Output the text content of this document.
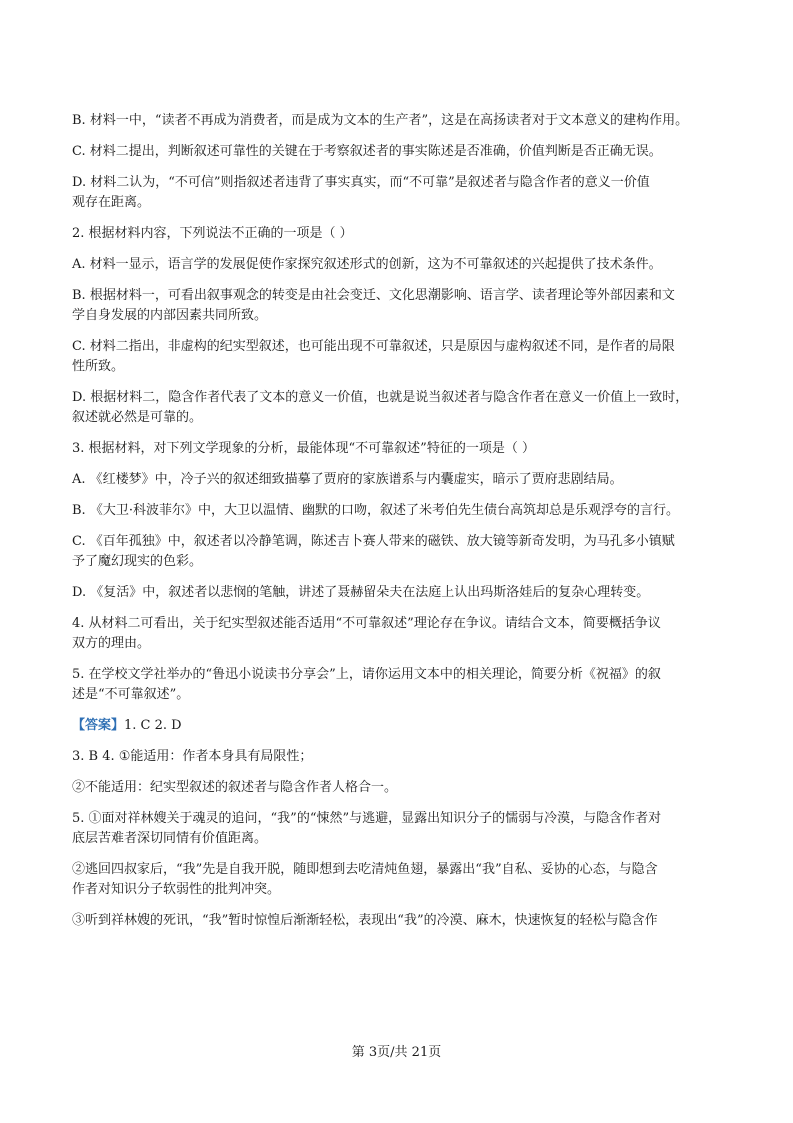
B. 材料一中，“读者不再成为消费者，而是成为文本的生产者”，这是在高扬读者对于文本意义的建构作用。
C. 材料二提出，判断叙述可靠性的关键在于考察叙述者的事实陈述是否准确，价值判断是否正确无误。
D. 材料二认为，“不可信”则指叙述者违背了事实真实，而“不可靠”是叙述者与隐含作者的意义一价值
观存在距离。
2. 根据材料内容，下列说法不正确的一项是（ ）
A. 材料一显示，语言学的发展促使作家探究叙述形式的创新，这为不可靠叙述的兴起提供了技术条件。
B. 根据材料一，可看出叙事观念的转变是由社会变迁、文化思潮影响、语言学、读者理论等外部因素和文
学自身发展的内部因素共同所致。
C. 材料二指出，非虚构的纪实型叙述，也可能出现不可靠叙述，只是原因与虚构叙述不同，是作者的局限
性所致。
D. 根据材料二，隐含作者代表了文本的意义一价值，也就是说当叙述者与隐含作者在意义一价值上一致时，
叙述就必然是可靠的。
3. 根据材料，对下列文学现象的分析，最能体现“不可靠叙述”特征的一项是（ ）
A. 《红楼梦》中，冷子兴的叙述细致描摹了贾府的家族谱系与内囊虚实，暗示了贾府悲剧结局。
B. 《大卫·科波菲尔》中，大卫以温情、幽默的口吻，叙述了米考伯先生债台高筑却总是乐观浮夸的言行。
C. 《百年孤独》中，叙述者以冷静笔调，陈述吉卜赛人带来的磁铁、放大镜等新奇发明，为马孔多小镇赋
予了魔幻现实的色彩。
D. 《复活》中，叙述者以悲悯的笔触，讲述了聂赫留朵夫在法庭上认出玛斯洛娃后的复杂心理转变。
4. 从材料二可看出，关于纪实型叙述能否适用“不可靠叙述”理论存在争议。请结合文本，简要概括争议
双方的理由。
5. 在学校文学社举办的“鲁迅小说读书分享会”上，请你运用文本中的相关理论，简要分析《祝福》的叙
述是“不可靠叙述”。
【答案】1. C 2. D
3. B 4. ①能适用：作者本身具有局限性；
②不能适用：纪实型叙述的叙述者与隐含作者人格合一。
5. ①面对祥林嫂关于魂灵的追问，“我”的“悚然”与逃避，显露出知识分子的懦弱与冷漠，与隐含作者对
底层苦难者深切同情有价值距离。
②逃回四叔家后，“我”先是自我开脱，随即想到去吃清炖鱼翅，暴露出“我”自私、妥协的心态，与隐含
作者对知识分子软弱性的批判冲突。
③听到祥林嫂的死讯，“我”暂时惊惶后渐渐轻松，表现出“我”的冷漠、麻木，快速恢复的轻松与隐含作
第 3页/共 21页
